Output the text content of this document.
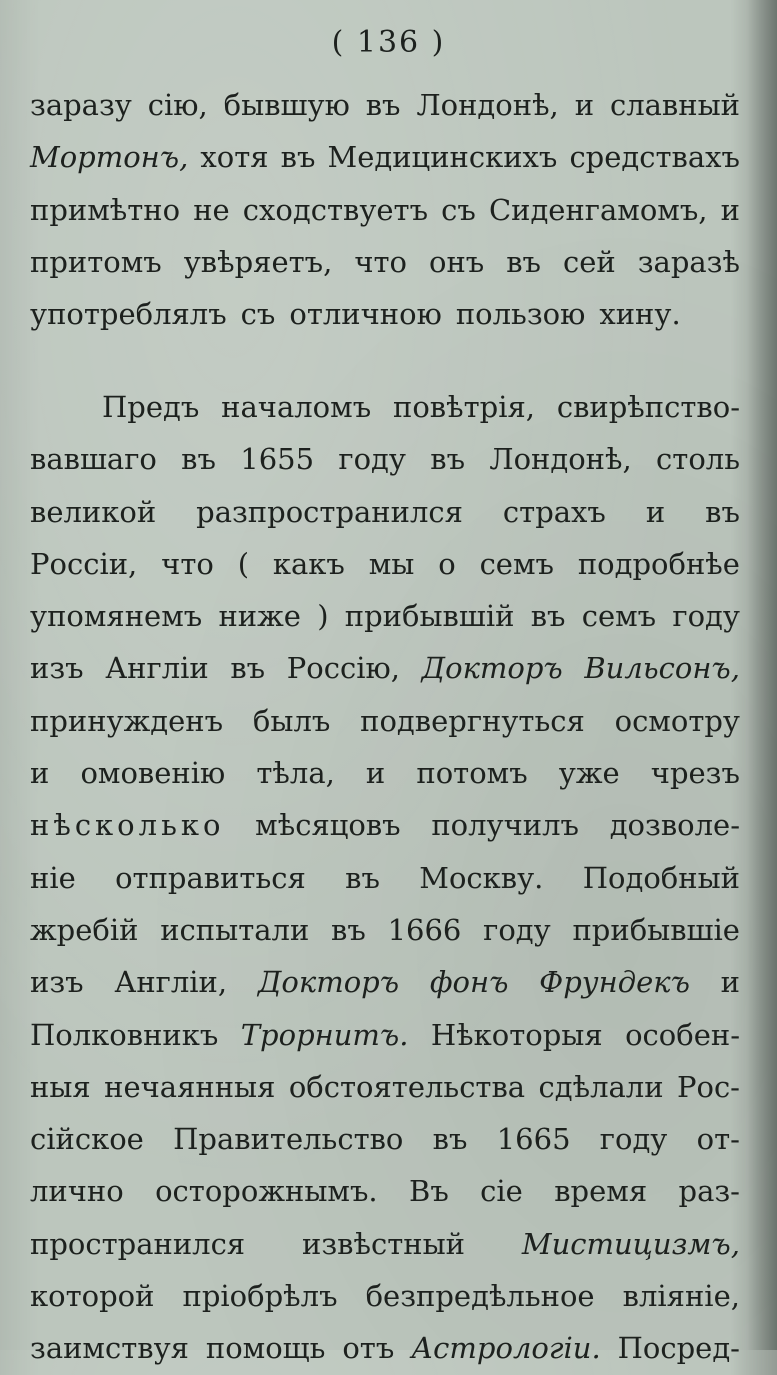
( 136 )
заразу сію, бывшую въ Лондонѣ, и славный
Мортонъ, хотя въ Медицинскихъ средствахъ
примѣтно не сходствуетъ съ Сиденгамомъ, и
притомъ увѣряетъ, что онъ въ сей заразѣ
употреблялъ съ отличною пользою хину.
Предъ началомъ повѣтрія, свирѣпство-
вавшаго въ 1655 году въ Лондонѣ, столь
великой разпространился страхъ и въ
Россіи, что ( какъ мы о семъ подробнѣе
упомянемъ ниже ) прибывшій въ семъ году
изъ Англіи въ Россію, Докторъ Вильсонъ,
принужденъ былъ подвергнуться осмотру
и омовенію тѣла, и потомъ уже чрезъ
нѣсколько мѣсяцовъ получилъ дозволе-
ніе отправиться въ Москву. Подобный
жребій испытали въ 1666 году прибывшіе
изъ Англіи, Докторъ фонъ Фрундекъ и
Полковникъ Трорнитъ. Нѣкоторыя особен-
ныя нечаянныя обстоятельства сдѣлали Рос-
сійское Правительство въ 1665 году от-
лично осторожнымъ. Въ сіе время раз-
пространился извѣстный Мистицизмъ,
которой пріобрѣлъ безпредѣльное вліяніе,
заимствуя помощь отъ Астрологіи. Посред-
